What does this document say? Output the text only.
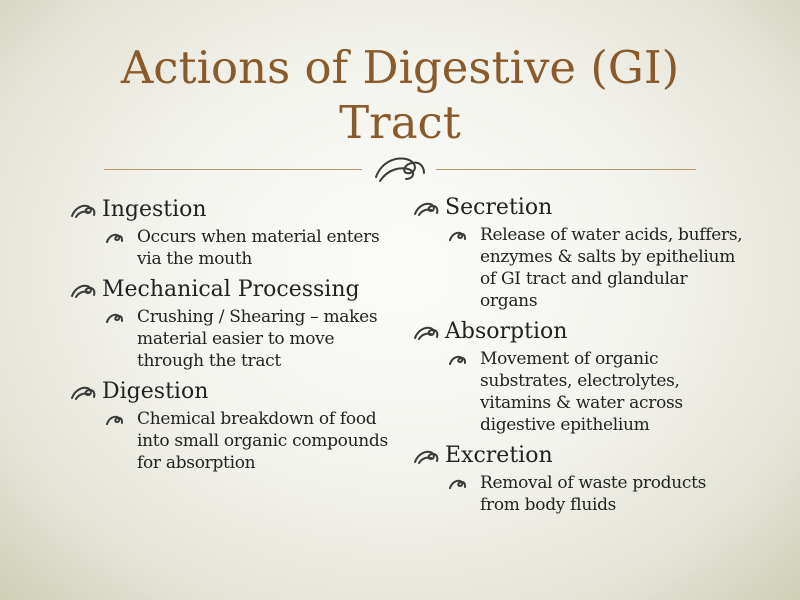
Actions of Digestive (GI) Tract
Ingestion
Occurs when material enters via the mouth
Mechanical Processing
Crushing / Shearing – makes material easier to move through the tract
Digestion
Chemical breakdown of food into small organic compounds for absorption
Secretion
Release of water acids, buffers, enzymes & salts by epithelium of GI tract and glandular organs
Absorption
Movement of organic substrates, electrolytes, vitamins & water across digestive epithelium
Excretion
Removal of waste products from body fluids
